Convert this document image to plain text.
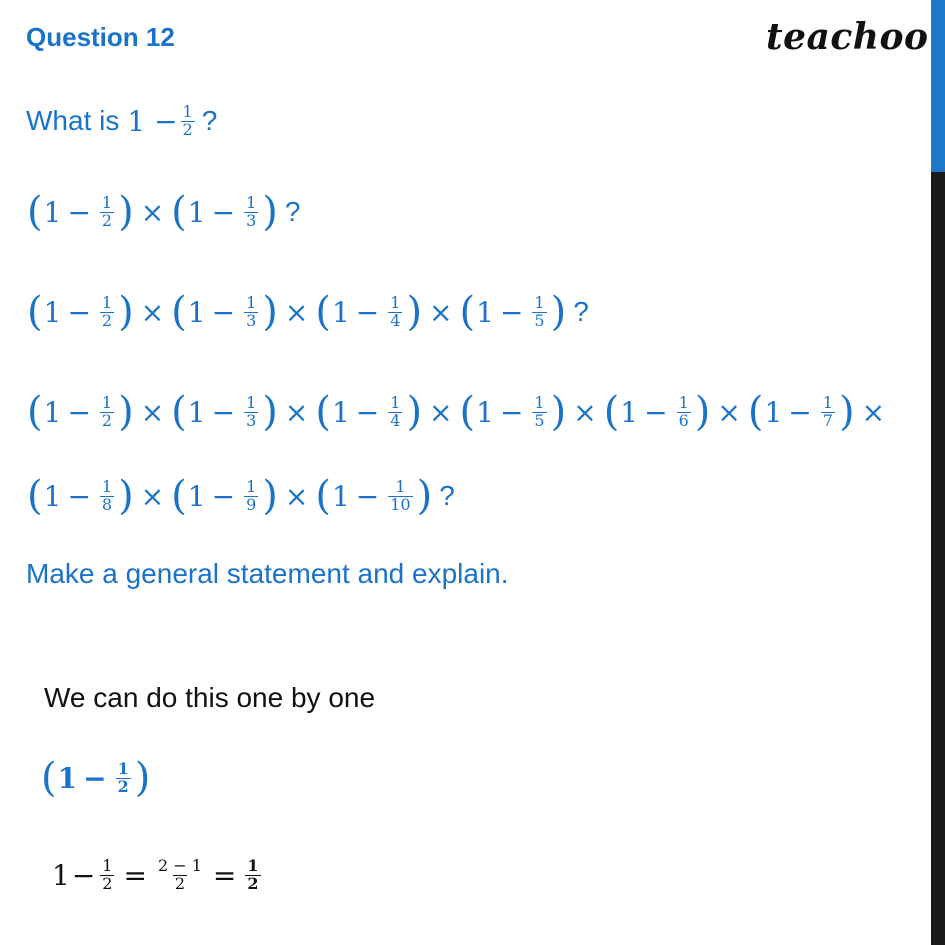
Question 12	teachoo
What is $1 - \frac{1}{2}$ ?
( $1 - \frac{1}{2}$ ) × ( $1 - \frac{1}{3}$ ) ?
( $1 - \frac{1}{2}$ ) × ( $1 - \frac{1}{3}$ ) × ( $1 - \frac{1}{4}$ ) × ( $1 - \frac{1}{5}$ ) ?
( $1 - \frac{1}{2}$ ) × ( $1 - \frac{1}{3}$ ) × ( $1 - \frac{1}{4}$ ) × ( $1 - \frac{1}{5}$ ) × ( $1 - \frac{1}{6}$ ) × ( $1 - \frac{1}{7}$ ) ×
( $1 - \frac{1}{8}$ ) × ( $1 - \frac{1}{9}$ ) × ( $1 - \frac{1}{10}$ ) ?
Make a general statement and explain.
We can do this one by one
( $1 - \frac{1}{2}$ )
$1 - \frac{1}{2} = \frac{2 - 1}{2} = \frac{1}{2}$
